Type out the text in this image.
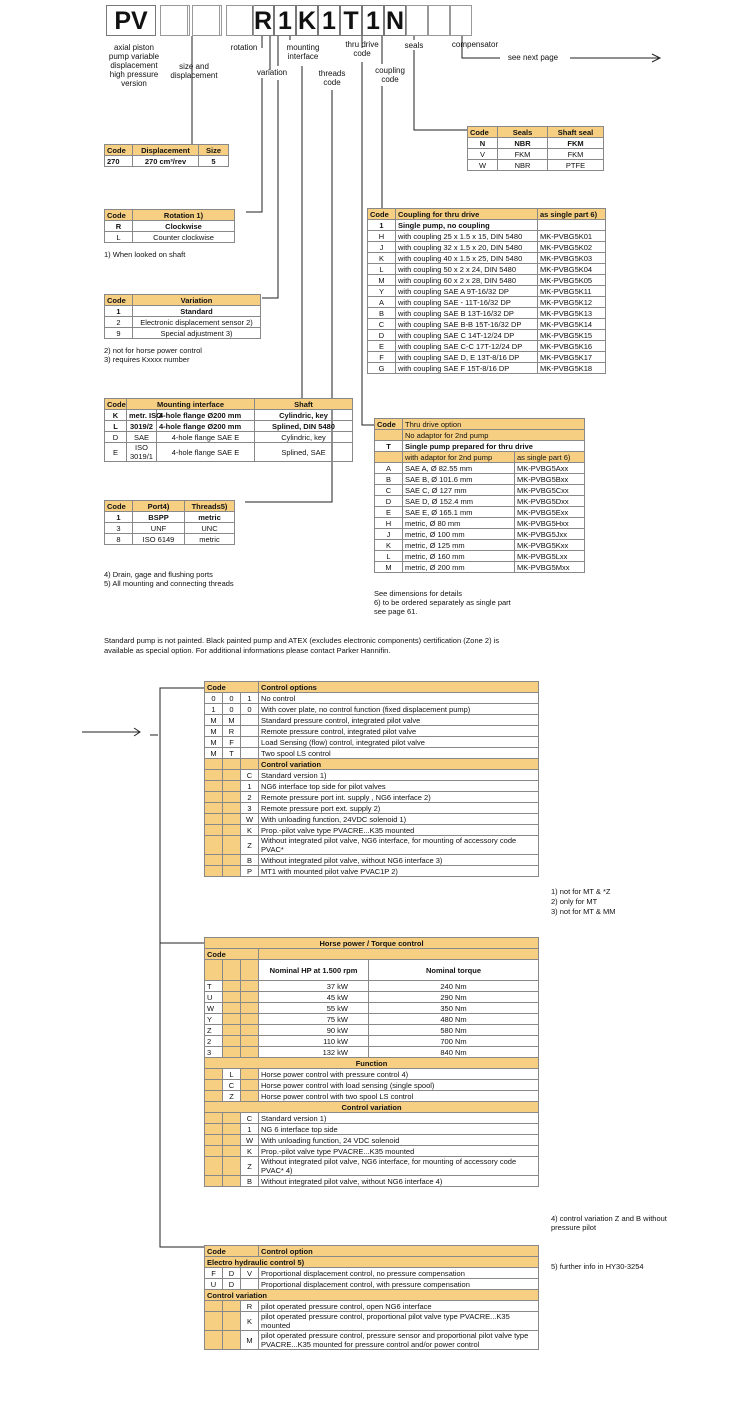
PV	R 1 K 1 T 1 N
axial piston pump variable displacement high pressure version
size and displacement
rotation
variation
mounting interface
threads code
thru drive code
coupling code
seals	compensator
see next page
Code	Displacement	Size
270	270 cm³/rev	5
Code	Rotation 1)
R	Clockwise
L	Counter clockwise
1) When looked on shaft
Code	Variation
1	Standard
2	Electronic displacement sensor 2)
9	Special adjustment 3)
2) not for horse power control
3) requires Kxxxx number
Code	Mounting interface		Shaft
K	metr. ISO	4-hole flange Ø200 mm	Cylindric, key
L	3019/2	4-hole flange Ø200 mm	Splined, DIN 5480
D	SAE	4-hole flange SAE E	Cylindric, key
E	ISO 3019/1	4-hole flange SAE E	Splined, SAE
Code	Port4)	Threads5)
1	BSPP	metric
3	UNF	UNC
8	ISO 6149	metric
4) Drain, gage and flushing ports
5) All mounting and connecting threads
Code	Seals	Shaft seal
N	NBR	FKM
V	FKM	FKM
W	NBR	PTFE
Code	Coupling for thru drive	as single part 6)
1	Single pump, no coupling	
H	with coupling 25 x 1.5 x 15, DIN 5480	MK-PVBG5K01
J	with coupling 32 x 1.5 x 20, DIN 5480	MK-PVBG5K02
K	with coupling 40 x 1.5 x 25, DIN 5480	MK-PVBG5K03
L	with coupling 50 x 2 x 24, DIN 5480	MK-PVBG5K04
M	with coupling 60 x 2 x 28, DIN 5480	MK-PVBG5K05
Y	with coupling SAE A 9T-16/32 DP	MK-PVBG5K11
A	with coupling SAE - 11T-16/32 DP	MK-PVBG5K12
B	with coupling SAE B 13T-16/32 DP	MK-PVBG5K13
C	with coupling SAE B-B 15T-16/32 DP	MK-PVBG5K14
D	with coupling SAE C 14T-12/24 DP	MK-PVBG5K15
E	with coupling SAE C-C 17T-12/24 DP	MK-PVBG5K16
F	with coupling SAE D, E 13T-8/16 DP	MK-PVBG5K17
G	with coupling SAE F 15T-8/16 DP	MK-PVBG5K18
Code	Thru drive option	
	No adaptor for 2nd pump	
T	Single pump prepared for thru drive	
	with adaptor for 2nd pump	as single part 6)
A	SAE A, Ø 82.55 mm	MK-PVBG5Axx
B	SAE B, Ø 101.6 mm	MK-PVBG5Bxx
C	SAE C, Ø 127 mm	MK-PVBG5Cxx
D	SAE D, Ø 152.4 mm	MK-PVBG5Dxx
E	SAE E, Ø 165.1 mm	MK-PVBG5Exx
H	metric, Ø 80 mm	MK-PVBG5Hxx
J	metric, Ø 100 mm	MK-PVBG5Jxx
K	metric, Ø 125 mm	MK-PVBG5Kxx
L	metric, Ø 160 mm	MK-PVBG5Lxx
M	metric, Ø 200 mm	MK-PVBG5Mxx
See dimensions for details
6) to be ordered separately as single part
see page 61.
Standard pump is not painted. Black painted pump and ATEX (excludes electronic components) certification (Zone 2) is available as special option. For additional informations please contact Parker Hannifin.
Code			Control options
0	0	1	No control
1	0	0	With cover plate, no control function (fixed displacement pump)
M	M		Standard pressure control, integrated pilot valve
M	R		Remote pressure control, integrated pilot valve
M	F		Load Sensing (flow) control, integrated pilot valve
M	T		Two spool LS control
			Control variation
		C	Standard version 1)
		1	NG6 interface top side for pilot valves
		2	Remote pressure port int. supply , NG6 interface 2)
		3	Remote pressure port ext. supply 2)
		W	With unloading function, 24VDC solenoid 1)
		K	Prop.-pilot valve type PVACRE...K35 mounted
		Z	Without integrated pilot valve, NG6 interface, for mounting of accessory code PVAC*
		B	Without integrated pilot valve, without NG6 interface 3)
		P	MT1 with mounted pilot valve PVAC1P 2)
1) not for MT & *Z
2) only for MT
3) not for MT & MM
Horse power / Torque control				
Code				
			Nominal HP at 1.500 rpm	Nominal torque
T			37 kW	240 Nm
U			45 kW	290 Nm
W			55 kW	350 Nm
Y			75 kW	480 Nm
Z			90 kW	580 Nm
2			110 kW	700 Nm
3			132 kW	840 Nm
Function				
	L		Horse power control with pressure control 4)	
	C		Horse power control with load sensing (single spool)	
	Z		Horse power control with two spool LS control	
Control variation				
		C	Standard version 1)	
		1	NG 6 interface top side	
		W	With unloading function, 24 VDC solenoid	
		K	Prop.-pilot valve type PVACRE...K35 mounted	
		Z	Without integrated pilot valve, NG6 interface, for mounting of accessory code PVAC* 4)	
		B	Without integrated pilot valve, without NG6 interface 4)	
4) control variation Z and B without pressure pilot
Code			Control option
Electro hydraulic control 5)			
F	D	V	Proportional displacement control, no pressure compensation
U	D		Proportional displacement control, with pressure compensation
Control variation			
		R	pilot operated pressure control, open NG6 interface
		K	pilot operated pressure control, proportional pilot valve type PVACRE...K35 mounted
		M	pilot operated pressure control, pressure sensor and proportional pilot valve type PVACRE...K35 mounted for pressure control and/or power control
5) further info in HY30-3254
